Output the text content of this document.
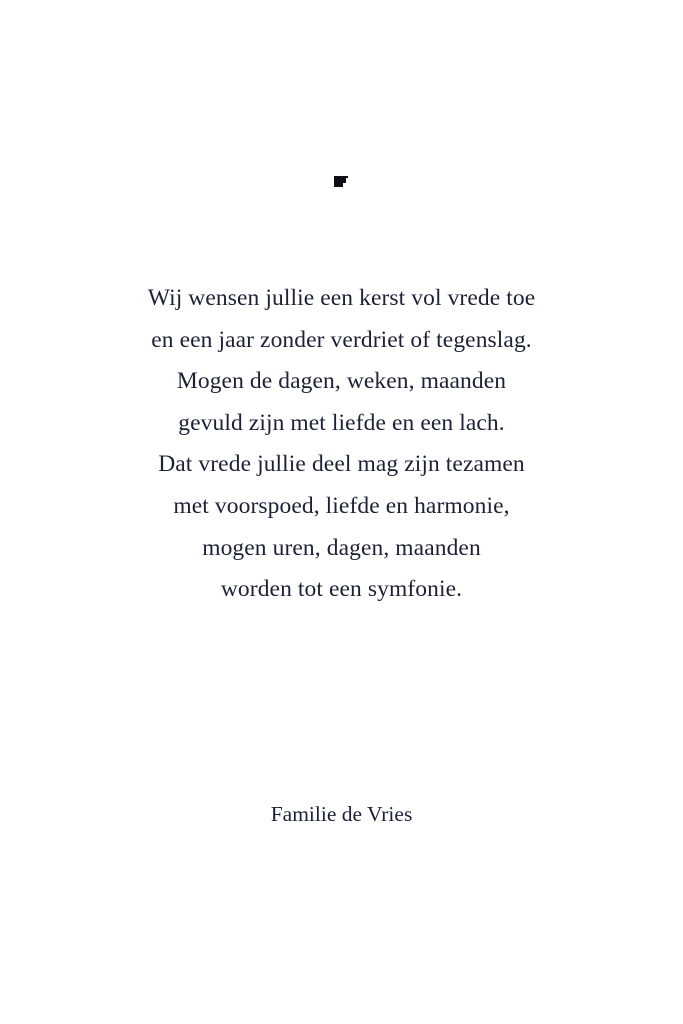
Wij wensen jullie een kerst vol vrede toe
en een jaar zonder verdriet of tegenslag.
Mogen de dagen, weken, maanden
gevuld zijn met liefde en een lach.
Dat vrede jullie deel mag zijn tezamen
met voorspoed, liefde en harmonie,
mogen uren, dagen, maanden
worden tot een symfonie.
Familie de Vries
